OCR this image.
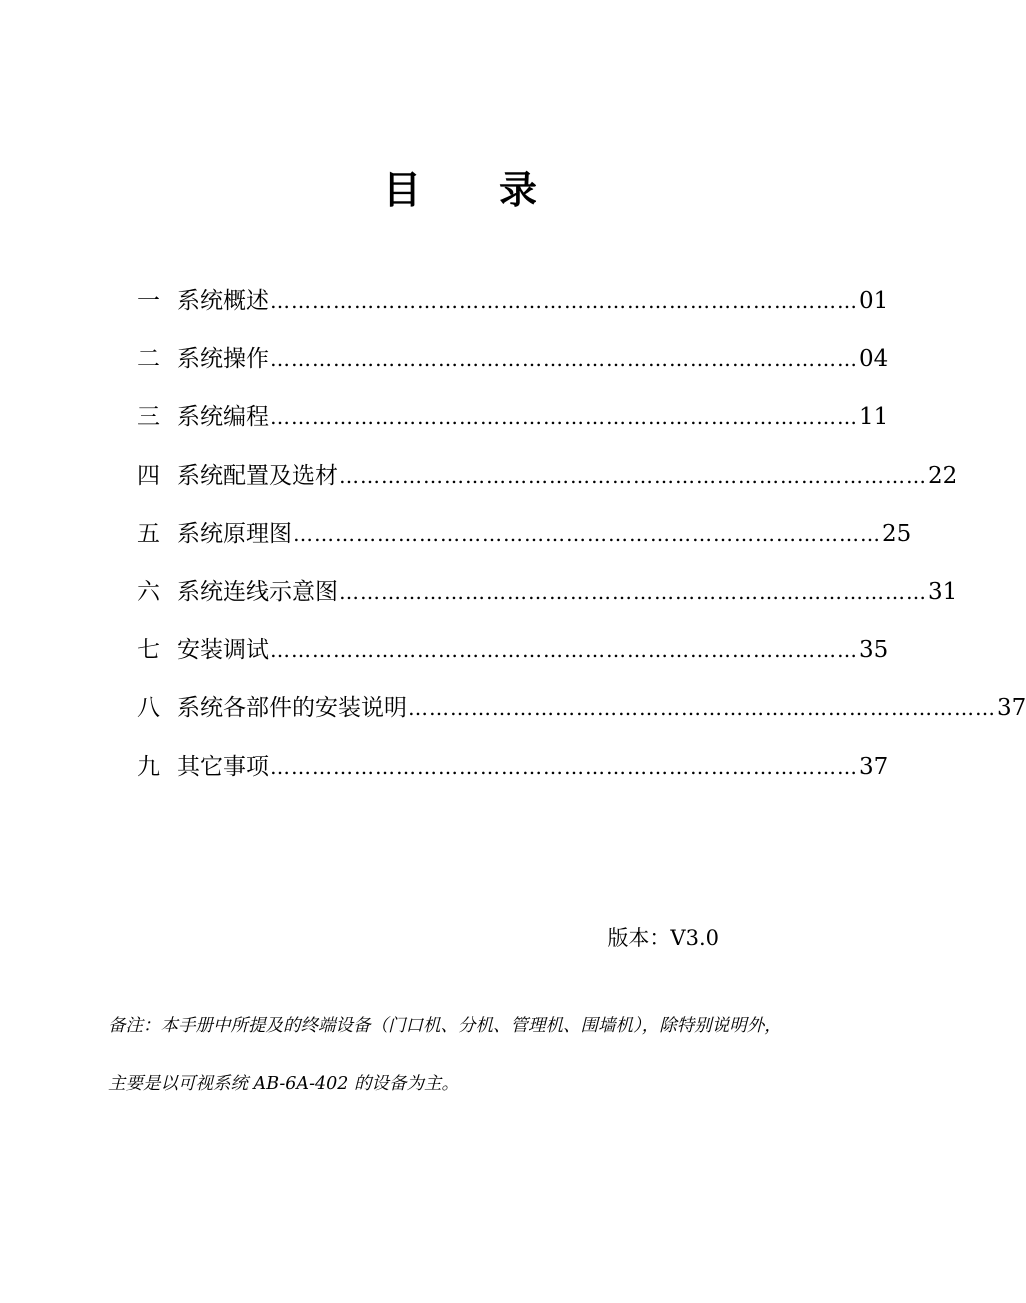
目 录
一 系统概述 ………………………………………………………………………… 01
二 系统操作 ………………………………………………………………………… 04
三 系统编程 ………………………………………………………………………… 11
四 系统配置及选材 ………………………………………………………………………… 22
五 系统原理图 ………………………………………………………………………… 25
六 系统连线示意图 ………………………………………………………………………… 31
七 安装调试 ………………………………………………………………………… 35
八 系统各部件的安装说明 ………………………………………………………………………… 37
九 其它事项 ………………………………………………………………………… 37
版本：V3.0
备注：本手册中所提及的终端设备（门口机、分机、管理机、围墙机），除特别说明外，
主要是以可视系统 AB-6A-402 的设备为主。
